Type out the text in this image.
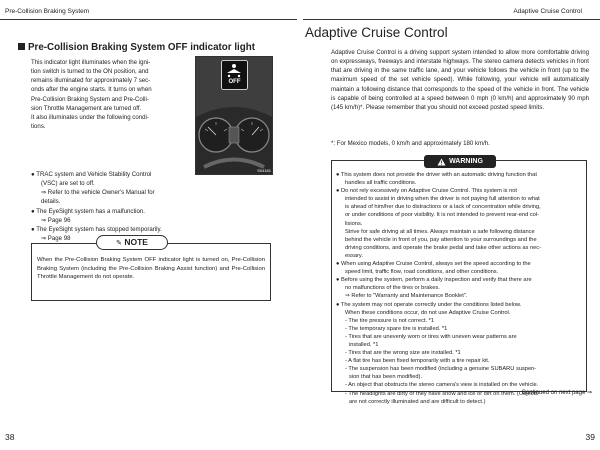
Pre-Collision Braking System
Pre-Collision Braking System OFF indicator light

This indicator light illuminates when the igni-

tion switch is turned to the ON position, and

remains illuminated for approximately 7 sec-

onds after the engine starts. It turns on when

Pre-Collision Braking System and Pre-Colli-

sion Throttle Management are turned off.

It also illuminates under the following condi-

tions.

● TRAC system and Vehicle Stability Control
(VSC) are set to off.
⇒ Refer to the vehicle Owner's Manual for
details.
● The EyeSight system has a malfunction.
⇒ Page 96
● The EyeSight system has stopped temporarily.
⇒ Page 98
OFF
S04161
✎ NOTE
When the Pre-Collision Braking System OFF indicator light is turned on, Pre-Collision Braking System (including the Pre-Collision Braking Assist function) and Pre-Collision Throttle Management do not operate.
38
Adaptive Cruise Control
Adaptive Cruise Control
Adaptive Cruise Control is a driving support system intended to allow more comfortable driving on expressways, freeways and interstate highways. The stereo camera detects vehicles in front that are driving in the same traffic lane, and your vehicle follows the vehicle in front (up to the maximum speed of the set vehicle speed). While following, your vehicle will automatically maintain a following distance that corresponds to the speed of the vehicle in front. The vehicle is capable of being controlled at a speed between 0 mph (0 km/h) and approximately 90 mph (145 km/h)*. Please remember that you should not exceed posted speed limits.
*: For Mexico models, 0 km/h and approximately 180 km/h.
WARNING
● This system does not provide the driver with an automatic driving function that
handles all traffic conditions.
● Do not rely excessively on Adaptive Cruise Control. This system is not
intended to assist in driving when the driver is not paying full attention to what
is ahead of him/her due to distractions or a lack of concentration while driving,
or under conditions of poor visibility. It is not intended to prevent rear-end col-
lisions.
Strive for safe driving at all times. Always maintain a safe following distance
behind the vehicle in front of you, pay attention to your surroundings and the
driving conditions, and operate the brake pedal and take other actions as nec-
essary.
● When using Adaptive Cruise Control, always set the speed according to the
speed limit, traffic flow, road conditions, and other conditions.
● Before using the system, perform a daily inspection and verify that there are
no malfunctions of the tires or brakes.
⇒ Refer to "Warranty and Maintenance Booklet".
● The system may not operate correctly under the conditions listed below.
When these conditions occur, do not use Adaptive Cruise Control.
- The tire pressure is not correct. *1
- The temporary spare tire is installed. *1
- Tires that are unevenly worn or tires with uneven wear patterns are
installed. *1
- Tires that are the wrong size are installed. *1
- A flat tire has been fixed temporarily with a tire repair kit.
- The suspension has been modified (including a genuine SUBARU suspen-
sion that has been modified).
- An object that obstructs the stereo camera's view is installed on the vehicle.
- The headlights are dirty or they have snow and ice or dirt on them. (Objects
are not correctly illuminated and are difficult to detect.)
Continued on next page ⇒
39
